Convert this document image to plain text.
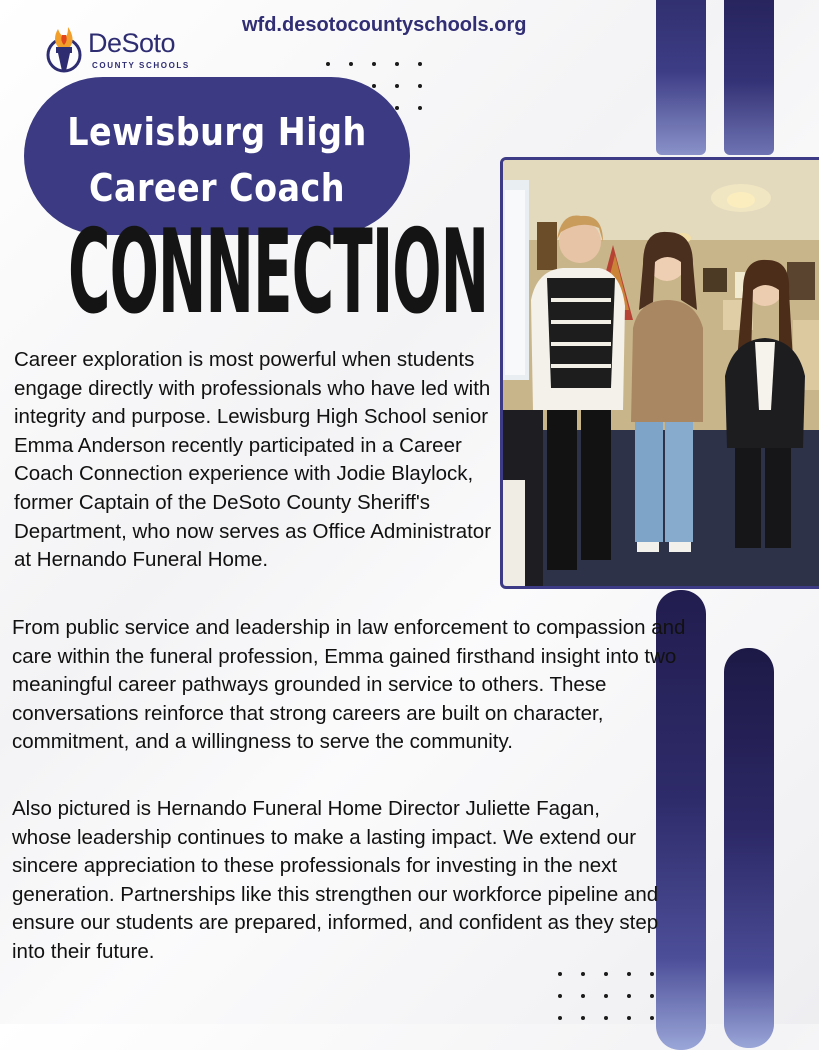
DeSoto
COUNTY SCHOOLS
wfd.desotocountyschools.org
Lewisburg High
Career Coach
CONNECTION

Career exploration is most powerful when students engage directly with professionals who have led with integrity and purpose. Lewisburg High School senior Emma Anderson recently participated in a Career Coach Connection experience with Jodie Blaylock, former Captain of the DeSoto County Sheriff's Department, who now serves as Office Administrator at Hernando Funeral Home.

From public service and leadership in law enforcement to compassion and care within the funeral profession, Emma gained firsthand insight into two meaningful career pathways grounded in service to others. These conversations reinforce that strong careers are built on character, commitment, and a willingness to serve the community.

Also pictured is Hernando Funeral Home Director Juliette Fagan, whose leadership continues to make a lasting impact. We extend our sincere appreciation to these professionals for investing in the next generation. Partnerships like this strengthen our workforce pipeline and ensure our students are prepared, informed, and confident as they step into their future.
